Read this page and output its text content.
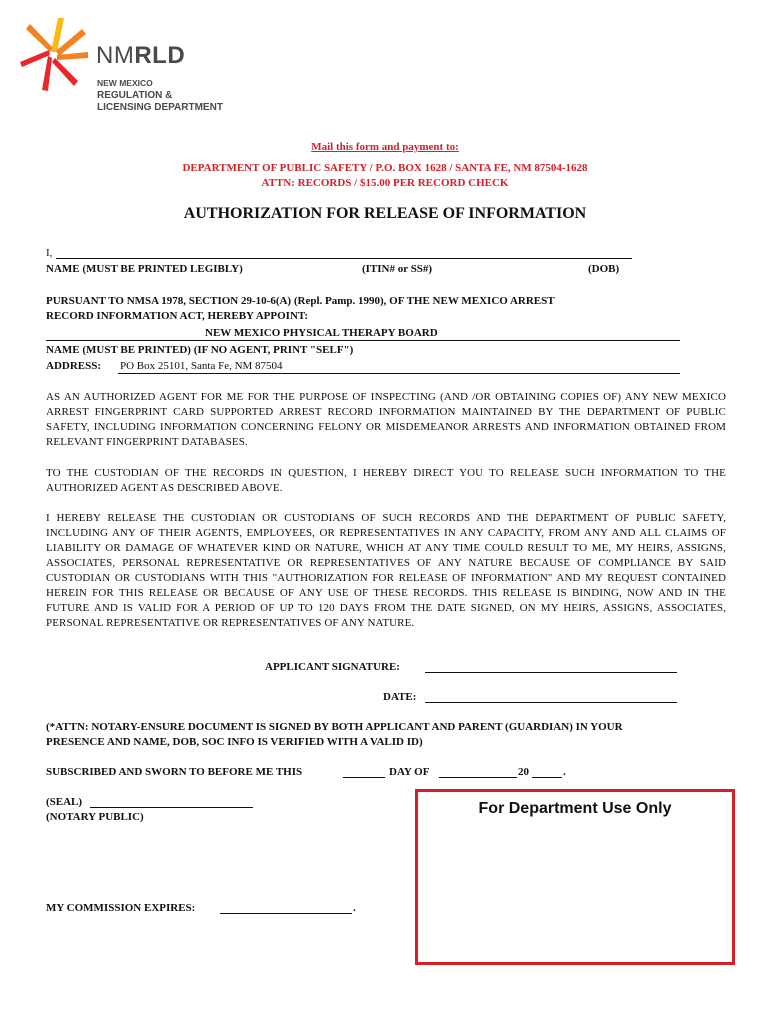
NMRLD
NEW MEXICO
REGULATION &
LICENSING DEPARTMENT
Mail this form and payment to:
DEPARTMENT OF PUBLIC SAFETY / P.O. BOX 1628 / SANTA FE, NM 87504-1628
ATTN: RECORDS / $15.00 PER RECORD CHECK
AUTHORIZATION FOR RELEASE OF INFORMATION
I,
NAME (MUST BE PRINTED LEGIBLY)	(ITIN# or SS#)	(DOB)
PURSUANT TO NMSA 1978, SECTION 29-10-6(A) (Repl. Pamp. 1990), OF THE NEW MEXICO ARREST
RECORD INFORMATION ACT, HEREBY APPOINT:
NEW MEXICO PHYSICAL THERAPY BOARD
NAME (MUST BE PRINTED) (IF NO AGENT, PRINT "SELF")
ADDRESS: PO Box 25101, Santa Fe, NM 87504
AS AN AUTHORIZED AGENT FOR ME FOR THE PURPOSE OF INSPECTING (AND /OR OBTAINING COPIES OF) ANY NEW MEXICO ARREST FINGERPRINT CARD SUPPORTED ARREST RECORD INFORMATION MAINTAINED BY THE DEPARTMENT OF PUBLIC SAFETY, INCLUDING INFORMATION CONCERNING FELONY OR MISDEMEANOR ARRESTS AND INFORMATION OBTAINED FROM RELEVANT FINGERPRINT DATABASES.
TO THE CUSTODIAN OF THE RECORDS IN QUESTION, I HEREBY DIRECT YOU TO RELEASE SUCH INFORMATION TO THE AUTHORIZED AGENT AS DESCRIBED ABOVE.
I HEREBY RELEASE THE CUSTODIAN OR CUSTODIANS OF SUCH RECORDS AND THE DEPARTMENT OF PUBLIC SAFETY, INCLUDING ANY OF THEIR AGENTS, EMPLOYEES, OR REPRESENTATIVES IN ANY CAPACITY, FROM ANY AND ALL CLAIMS OF LIABILITY OR DAMAGE OF WHATEVER KIND OR NATURE, WHICH AT ANY TIME COULD RESULT TO ME, MY HEIRS, ASSIGNS, ASSOCIATES, PERSONAL REPRESENTATIVE OR REPRESENTATIVES OF ANY NATURE BECAUSE OF COMPLIANCE BY SAID CUSTODIAN OR CUSTODIANS WITH THIS "AUTHORIZATION FOR RELEASE OF INFORMATION" AND MY REQUEST CONTAINED HEREIN FOR THIS RELEASE OR BECAUSE OF ANY USE OF THESE RECORDS. THIS RELEASE IS BINDING, NOW AND IN THE FUTURE AND IS VALID FOR A PERIOD OF UP TO 120 DAYS FROM THE DATE SIGNED, ON MY HEIRS, ASSIGNS, ASSOCIATES, PERSONAL REPRESENTATIVE OR REPRESENTATIVES OF ANY NATURE.
APPLICANT SIGNATURE:
DATE:
(*ATTN: NOTARY-ENSURE DOCUMENT IS SIGNED BY BOTH APPLICANT AND PARENT (GUARDIAN) IN YOUR
PRESENCE AND NAME, DOB, SOC INFO IS VERIFIED WITH A VALID ID)
SUBSCRIBED AND SWORN TO BEFORE ME THIS	DAY OF	20	.
(SEAL)
(NOTARY PUBLIC)
MY COMMISSION EXPIRES:	.
For Department Use Only
